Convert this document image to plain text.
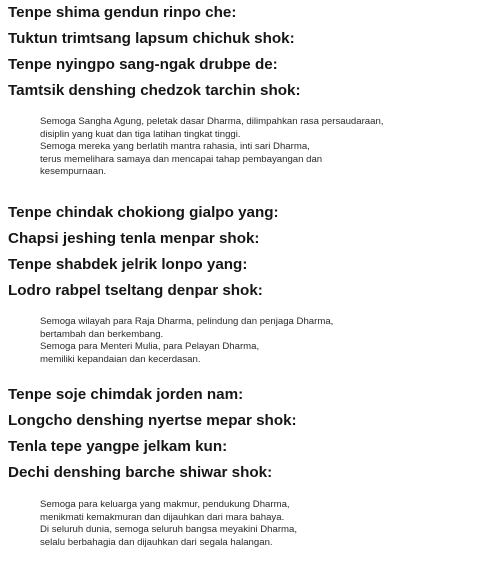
Tenpe shima gendun rinpo che:
Tuktun trimtsang lapsum chichuk shok:
Tenpe nyingpo sang-ngak drubpe de:
Tamtsik denshing chedzok tarchin shok:
Semoga Sangha Agung, peletak dasar Dharma, dilimpahkan rasa persaudaraan,
disiplin yang kuat dan tiga latihan tingkat tinggi.
Semoga mereka yang berlatih mantra rahasia, inti sari Dharma,
terus memelihara samaya dan mencapai tahap pembayangan dan
kesempurnaan.
Tenpe chindak chokiong gialpo yang:
Chapsi jeshing tenla menpar shok:
Tenpe shabdek jelrik lonpo yang:
Lodro rabpel tseltang denpar shok:
Semoga wilayah para Raja Dharma, pelindung dan penjaga Dharma,
bertambah dan berkembang.
Semoga para Menteri Mulia, para Pelayan Dharma,
memiliki kepandaian dan kecerdasan.
Tenpe soje chimdak jorden nam:
Longcho denshing nyertse mepar shok:
Tenla tepe yangpe jelkam kun:
Dechi denshing barche shiwar shok:
Semoga para keluarga yang makmur, pendukung Dharma,
menikmati kemakmuran dan dijauhkan dari mara bahaya.
Di seluruh dunia, semoga seluruh bangsa meyakini Dharma,
selalu berbahagia dan dijauhkan dari segala halangan.
